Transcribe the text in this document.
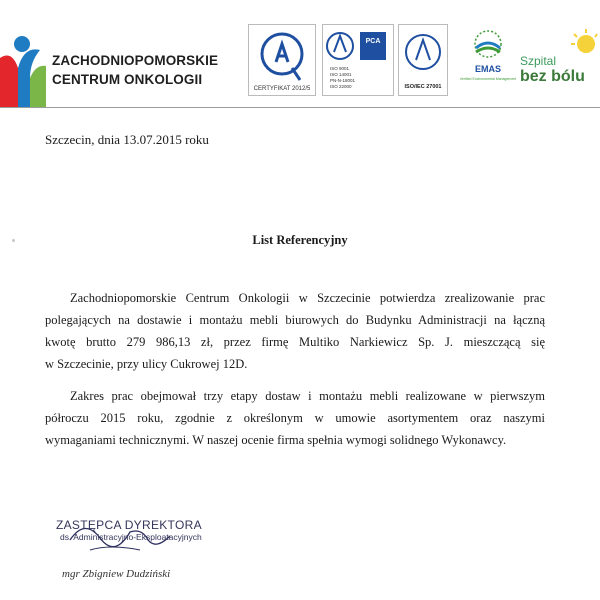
ZACHODNIOPOMORSKIE
CENTRUM ONKOLOGII
CERTYFIKAT 2012/5
PCA
ISO 9001
ISO 14001
PN-N-18001
ISO 22000	ISO/IEC 27001
EMAS
Verified Environmental Management
Szpital
bez bólu
Szczecin, dnia 13.07.2015 roku
List Referencyjny
Zachodniopomorskie Centrum Onkologii w Szczecinie potwierdza zrealizowanie prac
polegających na dostawie i montażu mebli biurowych do Budynku Administracji na łączną
kwotę brutto 279 986,13 zł, przez firmę Multiko Narkiewicz Sp. J. mieszczącą się
w Szczecinie, przy ulicy Cukrowej 12D.
Zakres prac obejmował trzy etapy dostaw i montażu mebli realizowane w pierwszym
półroczu 2015 roku, zgodnie z określonym w umowie asortymentem oraz naszymi
wymaganiami technicznymi. W naszej ocenie firma spełnia wymogi solidnego Wykonawcy.
ZASTĘPCA DYREKTORA
ds. Administracyjno-Eksploatacyjnych
mgr Zbigniew Dudziński
